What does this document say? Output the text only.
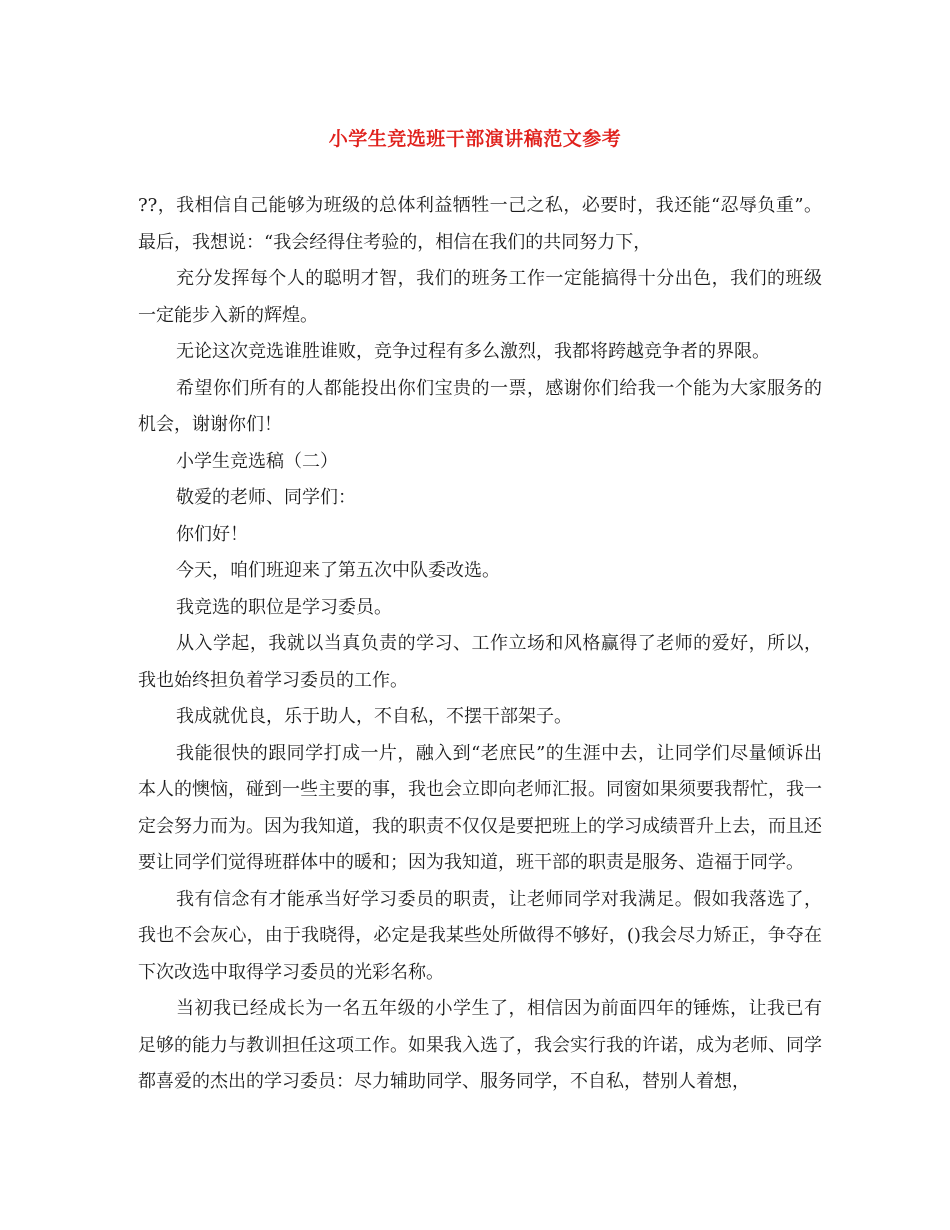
小学生竞选班干部演讲稿范文参考

??，我相信自己能够为班级的总体利益牺牲一己之私，必要时，我还能“忍辱负重”。最后，我想说：“我会经得住考验的，相信在我们的共同努力下，

充分发挥每个人的聪明才智，我们的班务工作一定能搞得十分出色，我们的班级一定能步入新的辉煌。

无论这次竞选谁胜谁败，竞争过程有多么激烈，我都将跨越竞争者的界限。

希望你们所有的人都能投出你们宝贵的一票，感谢你们给我一个能为大家服务的机会，谢谢你们！

小学生竞选稿（二）

敬爱的老师、同学们：

你们好！

今天，咱们班迎来了第五次中队委改选。

我竞选的职位是学习委员。

从入学起，我就以当真负责的学习、工作立场和风格赢得了老师的爱好，所以，我也始终担负着学习委员的工作。

我成就优良，乐于助人，不自私，不摆干部架子。

我能很快的跟同学打成一片，融入到“老庶民”的生涯中去，让同学们尽量倾诉出本人的懊恼，碰到一些主要的事，我也会立即向老师汇报。同窗如果须要我帮忙，我一定会努力而为。因为我知道，我的职责不仅仅是要把班上的学习成绩晋升上去，而且还要让同学们觉得班群体中的暖和；因为我知道，班干部的职责是服务、造福于同学。

我有信念有才能承当好学习委员的职责，让老师同学对我满足。假如我落选了，我也不会灰心，由于我晓得，必定是我某些处所做得不够好，()我会尽力矫正，争夺在下次改选中取得学习委员的光彩名称。

当初我已经成长为一名五年级的小学生了，相信因为前面四年的锤炼，让我已有足够的能力与教训担任这项工作。如果我入选了，我会实行我的许诺，成为老师、同学都喜爱的杰出的学习委员：尽力辅助同学、服务同学，不自私，替别人着想，
